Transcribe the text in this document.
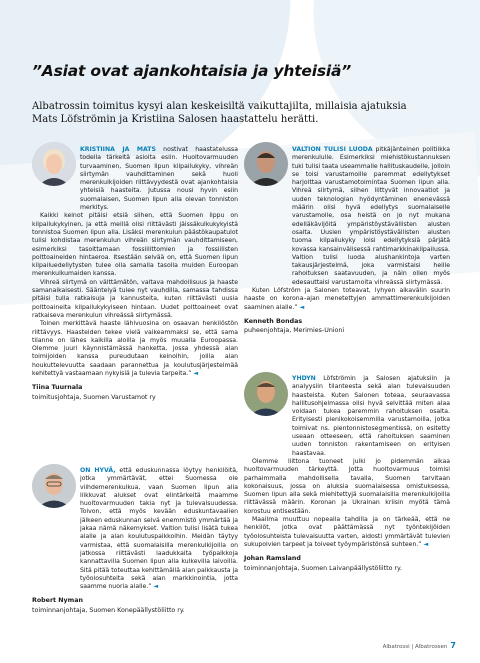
”Asiat ovat ajankohtaisia ja yhteisiä”

Albatrossin toimitus kysyi alan keskeisiltä vaikuttajilta, millaisia ajatuksia Mats Löfströmin ja Kristiina Salosen haastattelu herätti.

KRISTIINA JA MATS nostivat haastatelussa todella tärkeitä asioita esiin. Huoltovarmuuden turvaaminen, Suomen lipun kilpailukyky, vihreän siirtymän vauhdittaminen sekä huoli merenkulkijoiden riittävyydestä ovat ajankohtaisia yhteisiä haasteita. Jutussa nousi hyvin esiin suomalaisen, Suomen lipun alla olevan tonniston merkitys.

Kaikki keinot pitäisi etsiä siihen, että Suomen lippu on kilpailukykyinen, ja että meillä olisi riittävästi jäissäkulkukykyistä tonnistoa Suomen lipun alla. Lisäksi merenkulun päästökaupatulot tulisi kohdistaa merenkulun vihreän siirtymän vauhdittamiseen, esimerkiksi tasoittamaan fossiilittomien ja fossiilisten polttoaineiden hintaeroa. Itsestään selvää on, että Suomen lipun kilpailuedellytysten tulee olla samalla tasolla muiden Euroopan merenkulkumaiden kanssa.

Vihreä siirtymä on välttämätön, valtava mahdollisuus ja haaste samanaikaisesti. Sääntelyä tulee nyt vauhdilla, samassa tahdissa pitäisi tulla ratkaisuja ja kannusteita, kuten riittävästi uusia polttoaineita kilpailukykyiseen hintaan. Uudet polttoaineet ovat ratkaiseva merenkulun vihreässä siirtymässä.

Toinen merkittävä haaste lähivuosina on osaavan henkilöstön riittävyys. Haasteiden tekee vielä vaikeammaksi se, että sama tilanne on lähes kaikilla aloilla ja myös muualla Euroopassa. Olemme juuri käynnistämässä hanketta, jossa yhdessä alan toimijoiden kanssa pureudutaan keinoihin, joilla alan houkuttelevuutta saadaan parannettua ja koulutusjärjestelmää kehitettyä vastaamaan nykyisiä ja tulevia tarpeita.” ◄

Tiina Tuurnala

toimitusjohtaja, Suomen Varustamot ry

VALTION TULISI LUODA pitkäjänteinen politiikka merenkululle. Esimerkiksi miehistökustannuksen tuki tulisi taata useammalle hallituskaudelle, jolloin se toisi varustamoille paremmat edellytykset harjoittaa varustamotoimintaa Suomen lipun alla. Vihreä siirtymä, siihen liittyvät innovaatiot ja uuden teknologian hyödyntäminen enenevässä määrin olisi hyvä edellytys suomalaiselle varustamolle, osa heistä on jo nyt mukana edelläkävijöitä ympäristöystävällisten alusten osalta. Uusien ympäristöystävällisten alusten tuoma kilpailukyky loisi edellytyksiä pärjätä kovassa kansainvälisessä rahtimarkkinakilpailussa. Valtion tulisi luoda alushankintoja varten takausjärjestelmä, joka varmistaisi heille rahoituksen saatavuuden, ja näin ollen myös edesauttaisi varustamoita vihreässä siirtymässä.

Kuten Löfström ja Salonen toteavat, lyhyen aikavälin suurin haaste on korona–ajan menetettyjen ammattimerenkulkijoiden saaminen alalle.” ◄

Kenneth Bondas

puheenjohtaja, Merimies-Unioni

ON HYVÄ, että eduskunnassa löytyy henkilöitä, jotka ymmärtävät, ettei Suomessa ole viihdemerenkulkua, vaan Suomen lipun alla liikkuvat alukset ovat elintärkeitä maamme huoltovarmuuden takia nyt ja tulevaisuudessa. Toivon, että myös kevään eduskuntavaalien jälkeen eduskunnan selvä enemmistö ymmärtää ja jakaa nämä näkemykset. Valtion tulisi lisätä tukea alalle ja alan koulutuspaikkoihin. Meidän täytyy varmistaa, että suomalaisilla merenkulkijoilla on jatkossa riittävästi laadukkaita työpaikkoja kannattavilla Suomen lipun alla kulkevilla laivoilla. Sitä pitää toteuttaa kehittämällä alan palkkausta ja työolosuhteita sekä alan markkinointia, jotta saamme nuoria alalle.” ◄

Robert Nyman

toiminnanjohtaja, Suomen Konepäällystöliitto ry.

YHDYN Löfströmin ja Salosen ajatuksiin ja analyysiin tilanteesta sekä alan tulevaisuuden haasteista. Kuten Salonen toteaa, seuraavassa hallitusohjelmassa olisi hyvä selvittää miten alaa voidaan tukea paremmin rahoituksen osalta. Erityisesti pienikokoisemmilla varustamoilla, jotka toimivat ns. pientonnistosegmentissä, on esitetty useaan otteeseen, että rahoituksen saaminen uuden tonniston rakentamiseen on erityisen haastavaa.

Olemme liittona tuoneet julki jo pidemmän aikaa huoltovarmuuden tärkeyttä. Jotta huoltovarmuus toimisi parhaimmalla mahdollisella tavalla, Suomen tarvitaan kokonaisuus, jossa on aluksia suomalaisessa omistuksessa, Suomen lipun alla sekä miehitettyjä suomalaisilla merenkulkijoilla riittävässä määrin. Koronan ja Ukrainan kriisin myötä tämä korostuu entisestään.

Maailma muuttuu nopealla tahdilla ja on tärkeää, että ne henkilöt, jotka ovat päättämässä nyt työntekijöiden työolosuhteista tulevaisuutta varten, aidosti ymmärtävät tulevien sukupolvien tarpeet ja toiveet työympäristönsä suhteen.” ◄

Johan Ramsland

toiminnanjohtaja, Suomen Laivanpäällystöliitto ry.

Albatrossi | Albatrossen 7
